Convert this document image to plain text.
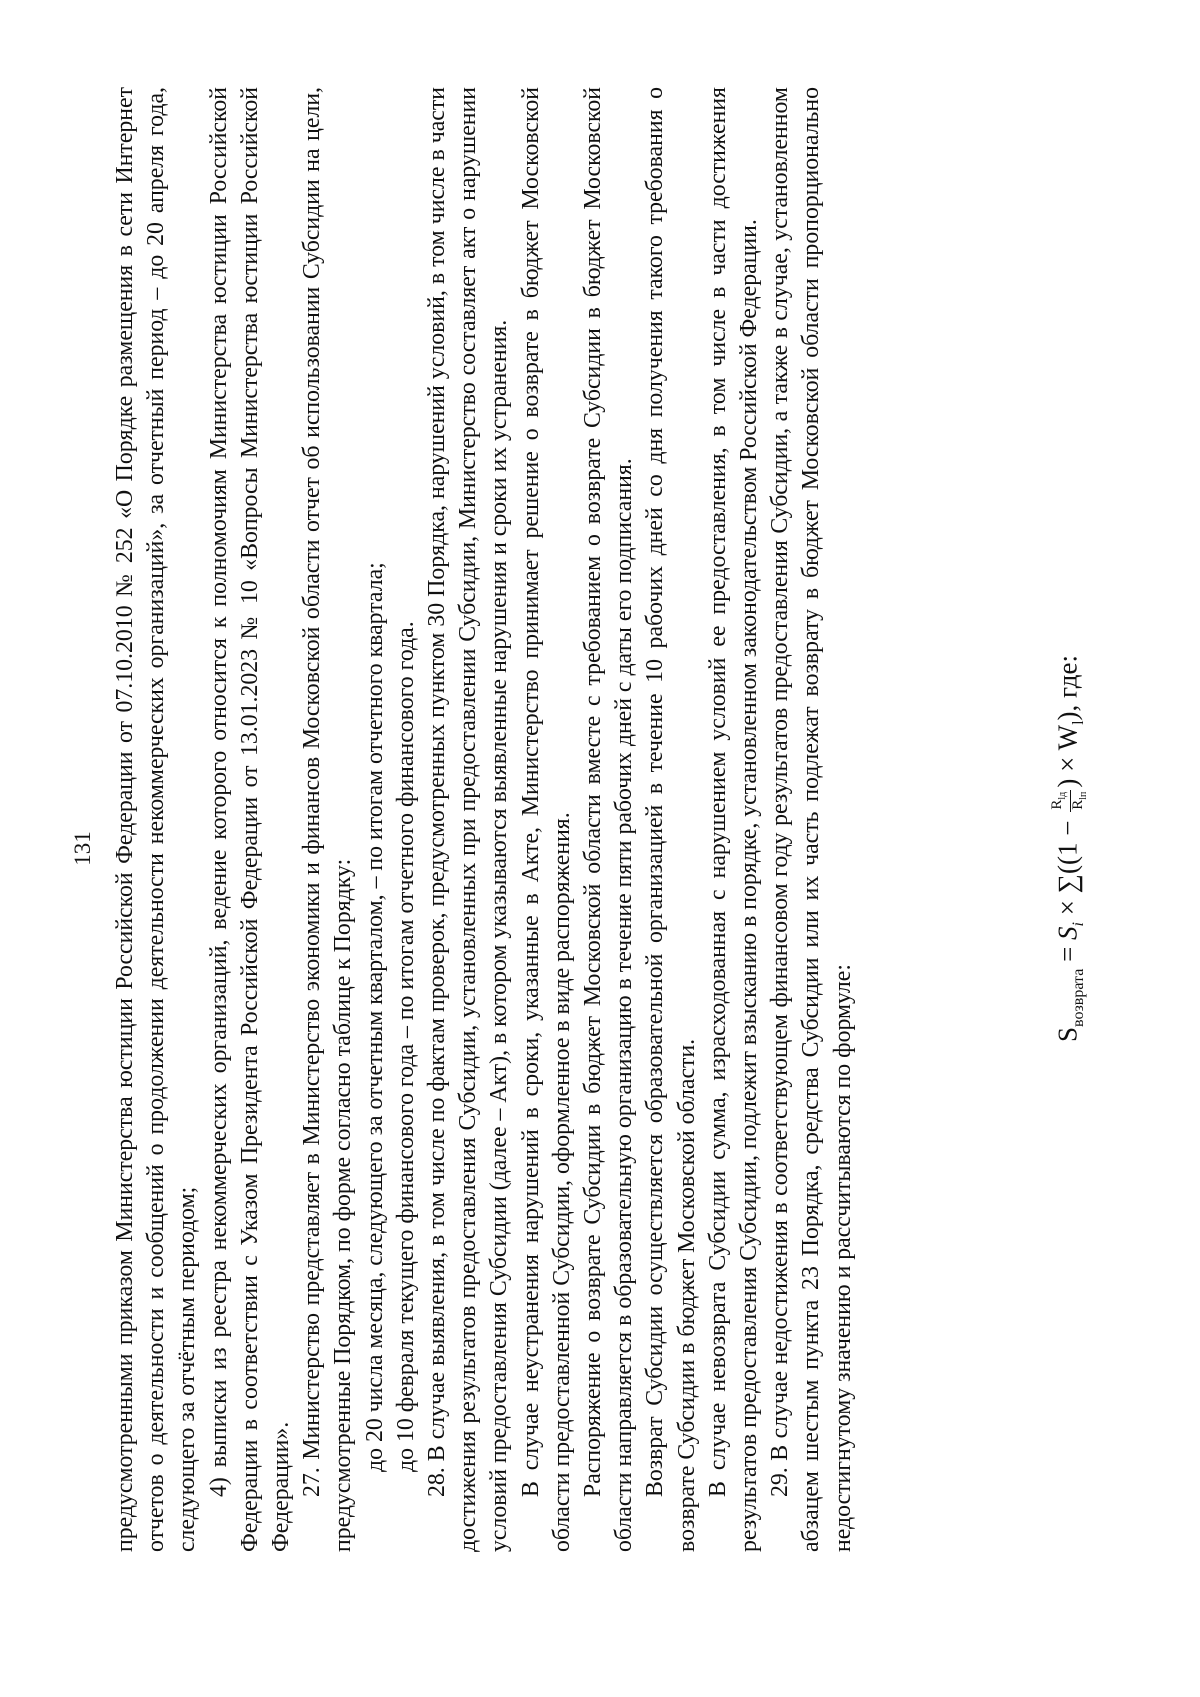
131 предусмотренными приказом Министерства юстиции Российской Федерации от 07.10.2010 № 252 «О Порядке размещения в сети Интернет отчетов о деятельности и сообщений о продолжении деятельности некоммерческих организаций», за отчетный период – до 20 апреля года, следующего за отчётным периодом; 4) выписки из реестра некоммерческих организаций, ведение которого относится к полномочиям Министерства юстиции Российской Федерации в соответствии с Указом Президента Российской Федерации от 13.01.2023 № 10 «Вопросы Министерства юстиции Российской Федерации». 27. Министерство представляет в Министерство экономики и финансов Московской области отчет об использовании Субсидии на цели, предусмотренные Порядком, по форме согласно таблице к Порядку: до 20 числа месяца, следующего за отчетным кварталом, – по итогам отчетного квартала; до 10 февраля текущего финансового года – по итогам отчетного финансового года. 28. В случае выявления, в том числе по фактам проверок, предусмотренных пунктом 30 Порядка, нарушений условий, в том числе в части достижения результатов предоставления Субсидии, установленных при предоставлении Субсидии, Министерство составляет акт о нарушении условий предоставления Субсидии (далее – Акт), в котором указываются выявленные нарушения и сроки их устранения. В случае неустранения нарушений в сроки, указанные в Акте, Министерство принимает решение о возврате в бюджет Московской области предоставленной Субсидии, оформленное в виде распоряжения. Распоряжение о возврате Субсидии в бюджет Московской области вместе с требованием о возврате Субсидии в бюджет Московской области направляется в образовательную организацию в течение пяти рабочих дней с даты его подписания. Возврат Субсидии осуществляется образовательной организацией в течение 10 рабочих дней со дня получения такого требования о возврате Субсидии в бюджет Московской области. В случае невозврата Субсидии сумма, израсходованная с нарушением условий ее предоставления, в том числе в части достижения результатов предоставления Субсидии, подлежит взысканию в порядке, установленном законодательством Российской Федерации. 29. В случае недостижения в соответствующем финансовом году результатов предоставления Субсидии, а также в случае, установленном абзацем шестым пункта 23 Порядка, средства Субсидии или их часть подлежат возврату в бюджет Московской области пропорционально недостигнутому значению и рассчитываются по формуле:	$S_{возврата} = S_i \times \sum((1$ −
$R_{lд}$
$R_{lп}$
) × $W_l$), где:
